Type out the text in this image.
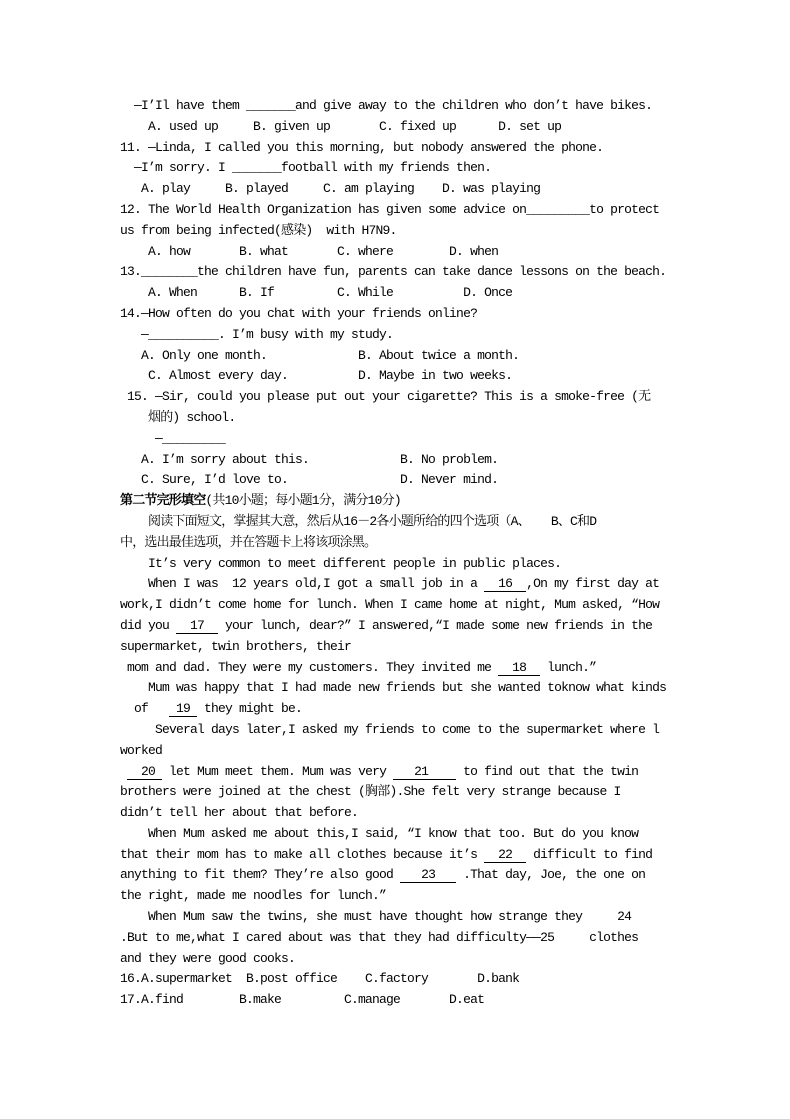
—I’Il have them _______and give away to the children who don’t have bikes.
A. used up     B. given up       C. fixed up      D. set up
11. —Linda, I called you this morning, but nobody answered the phone.
—I’m sorry. I _______football with my friends then.
A. play     B. played     C. am playing    D. was playing
12. The World Health Organization has given some advice on_________to protect
us from being infected(感染)  with H7N9.
A. how       B. what       C. where        D. when
13.________the children have fun, parents can take dance lessons on the beach.
A. When      B. If         C. While          D. Once
14.—How often do you chat with your friends online?
—__________. I’m busy with my study.
A. Only one month.             B. About twice a month.
C. Almost every day.          D. Maybe in two weeks.
15. —Sir, could you please put out your cigarette? This is a smoke-free (无
烟的) school.
—_________
A. I’m sorry about this.             B. No problem.
C. Sure, I’d love to.                D. Never mind.
第二节完形填空(共10小题；每小题1分，满分10分)
阅读下面短文，掌握其大意，然后从16－2各小题所给的四个选项（A、   B、C和D
中，选出最佳选项，并在答题卡上将该项涂黑。
It’s very common to meet different people in public places.
When I was  12 years old,I got a small job in a   16  ,On my first day at
work,I didn’t come home for lunch. When I came home at night, Mum asked, “How
did you   17   your lunch, dear?” I answered,“I made some new friends in the
supermarket, twin brothers, their
mom and dad. They were my customers. They invited me   18   lunch.”
Mum was happy that I had made new friends but she wanted toknow what kinds
of    19  they might be.
Several days later,I asked my friends to come to the supermarket where l
worked
20  let Mum meet them. Mum was very    21     to find out that the twin
brothers were joined at the chest (胸部).She felt very strange because I
didn’t tell her about that before.
When Mum asked me about this,I said, “I know that too. But do you know
that their mom has to make all clothes because it’s   22   difficult to find
anything to fit them? They’re also good    23    .That day, Joe, the one on
the right, made me noodles for lunch.”
When Mum saw the twins, she must have thought how strange they     24
.But to me,what I cared about was that they had difficulty——25     clothes
and they were good cooks.
16.A.supermarket  B.post office    C.factory       D.bank
17.A.find        B.make         C.manage       D.eat
